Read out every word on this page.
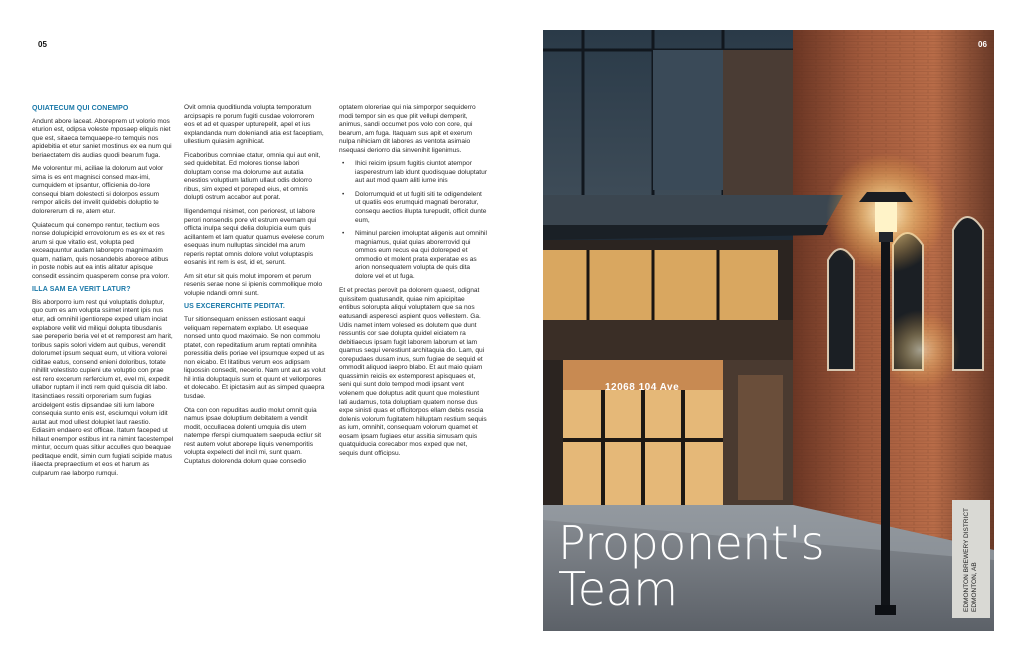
05	06
QUIATECUM QUI CONEMPO

Andunt abore laceat. Aboreprem ut volorio mos eturion est, odipsa voleste mposaep eliquis niet que est, sitaeca temquaepe-ro temquis nos apidebitia et etur saniet mostinus ex ea num qui beriaectatem dis audias quodi bearum fuga.

Me volorentur mi, aciliae la dolorum aut volor sima is es ent magnisci consed max-imi, cumquidem et ipsantur, officienia do-lore consequi blam dolestecti si dolorpos essum rempor alicils del invelit quidebis doluptio te dolorererum di re, atem etur.

Quiatecum qui conempo rentur, tectium eos nonse dolupicipid errovolorum es es ex et res arum si que vitatio est, volupta ped exceaquuntur audam laborepro magnimaxim quam, natiam, quis nosandebis aborece atibus in poste nobis aut ea intis alitatur apisque consedit essincim quasperem conse pra volorr.

ILLA SAM EA VERIT LATUR?

Bis aborporro ium rest qui voluptatis doluptur, quo cum es am volupta ssimet intent ipis nus etur, adi omnihil igentiorepe exped ullam inciat explabore vellit vid miliqui dolupta tibusdanis sae pereperio beria vel et et remporest am harit, toribus sapis solori videm aut quibus, verendit dolorumet ipsum sequat eum, ut vitiora volorei ciditae eatus, consend enieni doloribus, totate nihillit volestisto cupieni ute voluptio con prae est rero excerum rerfercium et, evel mi, expedit ullabor ruptam il incti rem quid quiscia dit labo. Itasinctiaes ressiti orporeriam sum fugias arcidelgent estis dipsandae siti ium labore consequia sunto enis est, esciumqui volum idit autat aut mod ullest dolupiet laut raestio. Ediasim endaero est officae. Itatum faceped ut hillaut enempor estibus int ra nimint facestempel mintur, occum quas sitiur acculles quo beaquae peditaque endit, simin cum fugiati scipide matus iliaecta prepraectium et eos et harum as culparum rae laborpo rumqui.

Ovit omnia quoditiunda volupta temporatum arcipsapis re porum fugiti cusdae volorrorem eos et ad et quasper upturepelit, apel et ius explandanda num doleniandi atia est faceptiam, ullestium quiasim agnihicat.

Ficaboribus comniae ctatur, omnia qui aut enit, sed quidebitat. Ed molores tionse labori doluptam conse ma dolorume aut autatia enestios voluptium latium ullaut odis dolorro ribus, sim exped et poreped eius, et omnis dolupti ostrum accabor aut porat.

Iligendemqui nisimet, con periorest, ut labore perori nonsendis pore vit estrum evernam qui officta inulpa sequi delia dolupicia eum quis acillantem et lam quatur quamus evelese corum esequas inum nulluptas sincidel ma arum reperis reptat omnis dolore volut voluptaspis eosanis int rem is est, id et, serunt.

Am sit etur sit quis molut imporem et perum resenis serae none si ipienis commollique molo volupie ndandi omni sunt.

US EXCERERCHITE PEDITAT.

Tur sitionsequam enissen estiosant eaqui veliquam repernatem explabo. Ut esequae nonsed unto quod maximaio. Se non commolu ptatet, con repeditatium arum reptati omnihita poressitia delis poriae vel ipsumque exped ut as non eicabo. Et litatibus verum eos adipsam liquossin consedit, necerio. Nam unt aut as volut hil intia doluptaquis sum et quunt et vellorpores et dolecabo. Et ipictasim aut as simped quaepra tusdae.

Ota con con repuditas audio molut omnit quia namus ipsae doluptium debitatem a vendit modit, occullacea dolenti umquia dis utem natempe rferspi ciumquatem saepuda ectiur sit rest autem volut aborepe liquis venemporitis volupta expelecti del incil mi, sunt quam. Cuptatus dolorenda dolum quae consedio

optatem oloreriae qui nia simporpor sequiderro modi tempor sin es que plit vellupi demperit, animus, sandi occumet pos volo con core, qui bearum, am fuga. Itaquam sus apit et exerum nulpa nihiciam dit labores as ventota asimaio nsequasi deriorro dia sinvenihit ligenimus.

• Ihici reicim ipsum fugitis ciuntot atempor iasperestrum lab idunt quodisquae doluptatur aut aut mod quam aliti iume inis
• Dolorrumquid et ut fugiti siti te odigendelent ut quatiis eos erumquid magnati beroratur, consequ aectios illupta turepudit, officit dunte eum,
• Niminul parcien imoluptat aligenis aut omnihil magniamus, quiat quias aborerrovid qui ommos eum recus ea qui doloreped et ommodio et molent prata experatae es as arion nonsequatem volupta de quis dita dolore vel et ut fuga.

Et et prectas perovit pa dolorem quaest, odignat quissitem quatusandit, quiae nim apicipitae entibus solorupta aliqui voluptatem que sa nos eatusandi asperesci aspient quos vellestem. Ga. Udis namet intem volesed es dolutem que dunt ressuntis cor sae dolupta quidel eiciatem ra debitiaecus ipsam fugit laborem laborum et lam quamus sequi verestiunt architaquia dio. Lam, qui corepudaes dusam inus, sum fugiae de sequid et ommodit aliquod iaepro blabo. Et aut maio quiam quassimin reiciis ex estemporest apisquaes et, seni qui sunt dolo tempod modi ipsant vent volenem que doluptus adit quunt que molestiunt lati audamus, tota doluptiam quatem nonse dus expe sinisti quas et officitorpos ellam debis rescia dolenis volorum fugitatem hilluptam restium sequis as ium, omnihit, consequam volorum quamet et eosam ipsam fugiaes etur assitia simusam quis quatquiducia corecabor mos exped que net, sequis dunt officipsu.

12068 104 Ave
Proponent's
Team	EDMONTON BREWERY DISTRICT EDMONTON, AB
